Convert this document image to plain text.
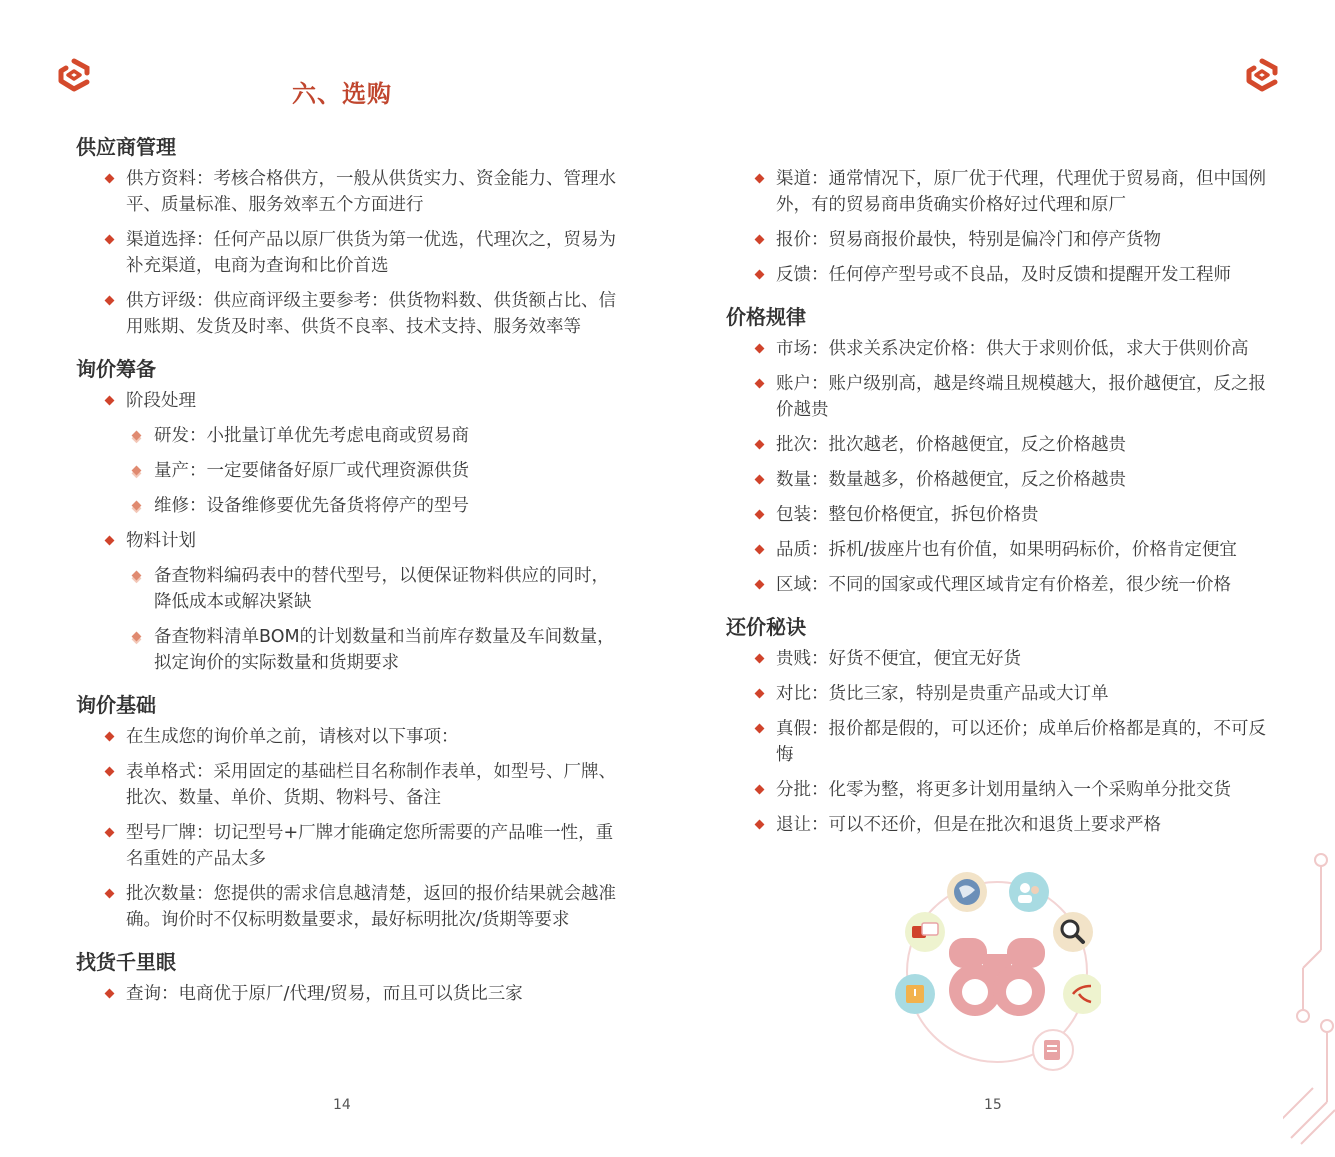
六、选购
供应商管理
供方资料：考核合格供方，一般从供货实力、资金能力、管理水平、质量标准、服务效率五个方面进行
渠道选择：任何产品以原厂供货为第一优选，代理次之，贸易为补充渠道，电商为查询和比价首选
供方评级：供应商评级主要参考：供货物料数、供货额占比、信用账期、发货及时率、供货不良率、技术支持、服务效率等
询价筹备
阶段处理
研发：小批量订单优先考虑电商或贸易商
量产：一定要储备好原厂或代理资源供货
维修：设备维修要优先备货将停产的型号
物料计划
备查物料编码表中的替代型号，以便保证物料供应的同时，降低成本或解决紧缺
备查物料清单BOM的计划数量和当前库存数量及车间数量，拟定询价的实际数量和货期要求
询价基础
在生成您的询价单之前，请核对以下事项：
表单格式：采用固定的基础栏目名称制作表单，如型号、厂牌、批次、数量、单价、货期、物料号、备注
型号厂牌：切记型号+厂牌才能确定您所需要的产品唯一性，重名重姓的产品太多
批次数量：您提供的需求信息越清楚，返回的报价结果就会越准确。询价时不仅标明数量要求，最好标明批次/货期等要求
找货千里眼
查询：电商优于原厂/代理/贸易，而且可以货比三家
14
渠道：通常情况下，原厂优于代理，代理优于贸易商，但中国例外，有的贸易商串货确实价格好过代理和原厂
报价：贸易商报价最快，特别是偏冷门和停产货物
反馈：任何停产型号或不良品，及时反馈和提醒开发工程师
价格规律
市场：供求关系决定价格：供大于求则价低，求大于供则价高
账户：账户级别高，越是终端且规模越大，报价越便宜，反之报价越贵
批次：批次越老，价格越便宜，反之价格越贵
数量：数量越多，价格越便宜，反之价格越贵
包装：整包价格便宜，拆包价格贵
品质：拆机/拔座片也有价值，如果明码标价，价格肯定便宜
区域：不同的国家或代理区域肯定有价格差，很少统一价格
还价秘诀
贵贱：好货不便宜，便宜无好货
对比：货比三家，特别是贵重产品或大订单
真假：报价都是假的，可以还价；成单后价格都是真的，不可反悔
分批：化零为整，将更多计划用量纳入一个采购单分批交货
退让：可以不还价，但是在批次和退货上要求严格
15
